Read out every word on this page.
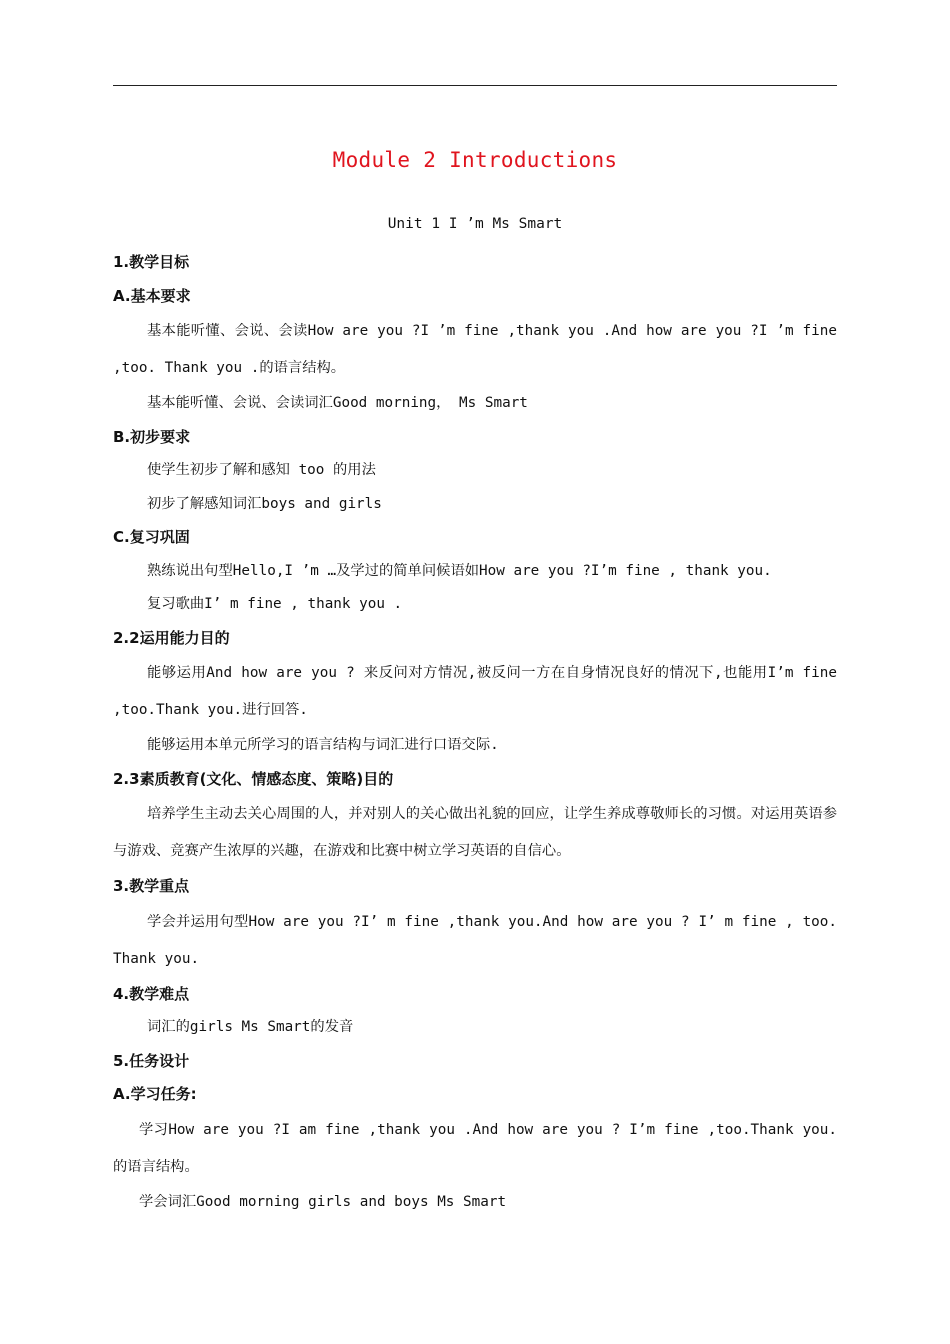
Module 2 Introductions
Unit 1 I ’m Ms Smart
1.教学目标
A.基本要求
基本能听懂、会说、会读How are you ?I ’m fine ,thank you .And how are you ?I ’m fine ,too. Thank you .的语言结构。
基本能听懂、会说、会读词汇Good morning， Ms Smart
B.初步要求
使学生初步了解和感知 too 的用法
初步了解感知词汇boys and girls
C.复习巩固
熟练说出句型Hello,I ’m …及学过的简单问候语如How are you ?I’m fine , thank you.
复习歌曲I’ m fine , thank you .
2.2运用能力目的
能够运用And how are you ? 来反问对方情况,被反问一方在自身情况良好的情况下,也能用I’m fine ,too.Thank you.进行回答.
能够运用本单元所学习的语言结构与词汇进行口语交际.
2.3素质教育(文化、情感态度、策略)目的
培养学生主动去关心周围的人，并对别人的关心做出礼貌的回应，让学生养成尊敬师长的习惯。对运用英语参与游戏、竞赛产生浓厚的兴趣，在游戏和比赛中树立学习英语的自信心。
3.教学重点
学会并运用句型How are you ?I’ m fine ,thank you.And how are you ? I’ m fine , too. Thank you.
4.教学难点
词汇的girls Ms Smart的发音
5.任务设计
A.学习任务:
学习How are you ?I am fine ,thank you .And how are you ? I’m fine ,too.Thank you.的语言结构。
学会词汇Good morning girls and boys Ms Smart
